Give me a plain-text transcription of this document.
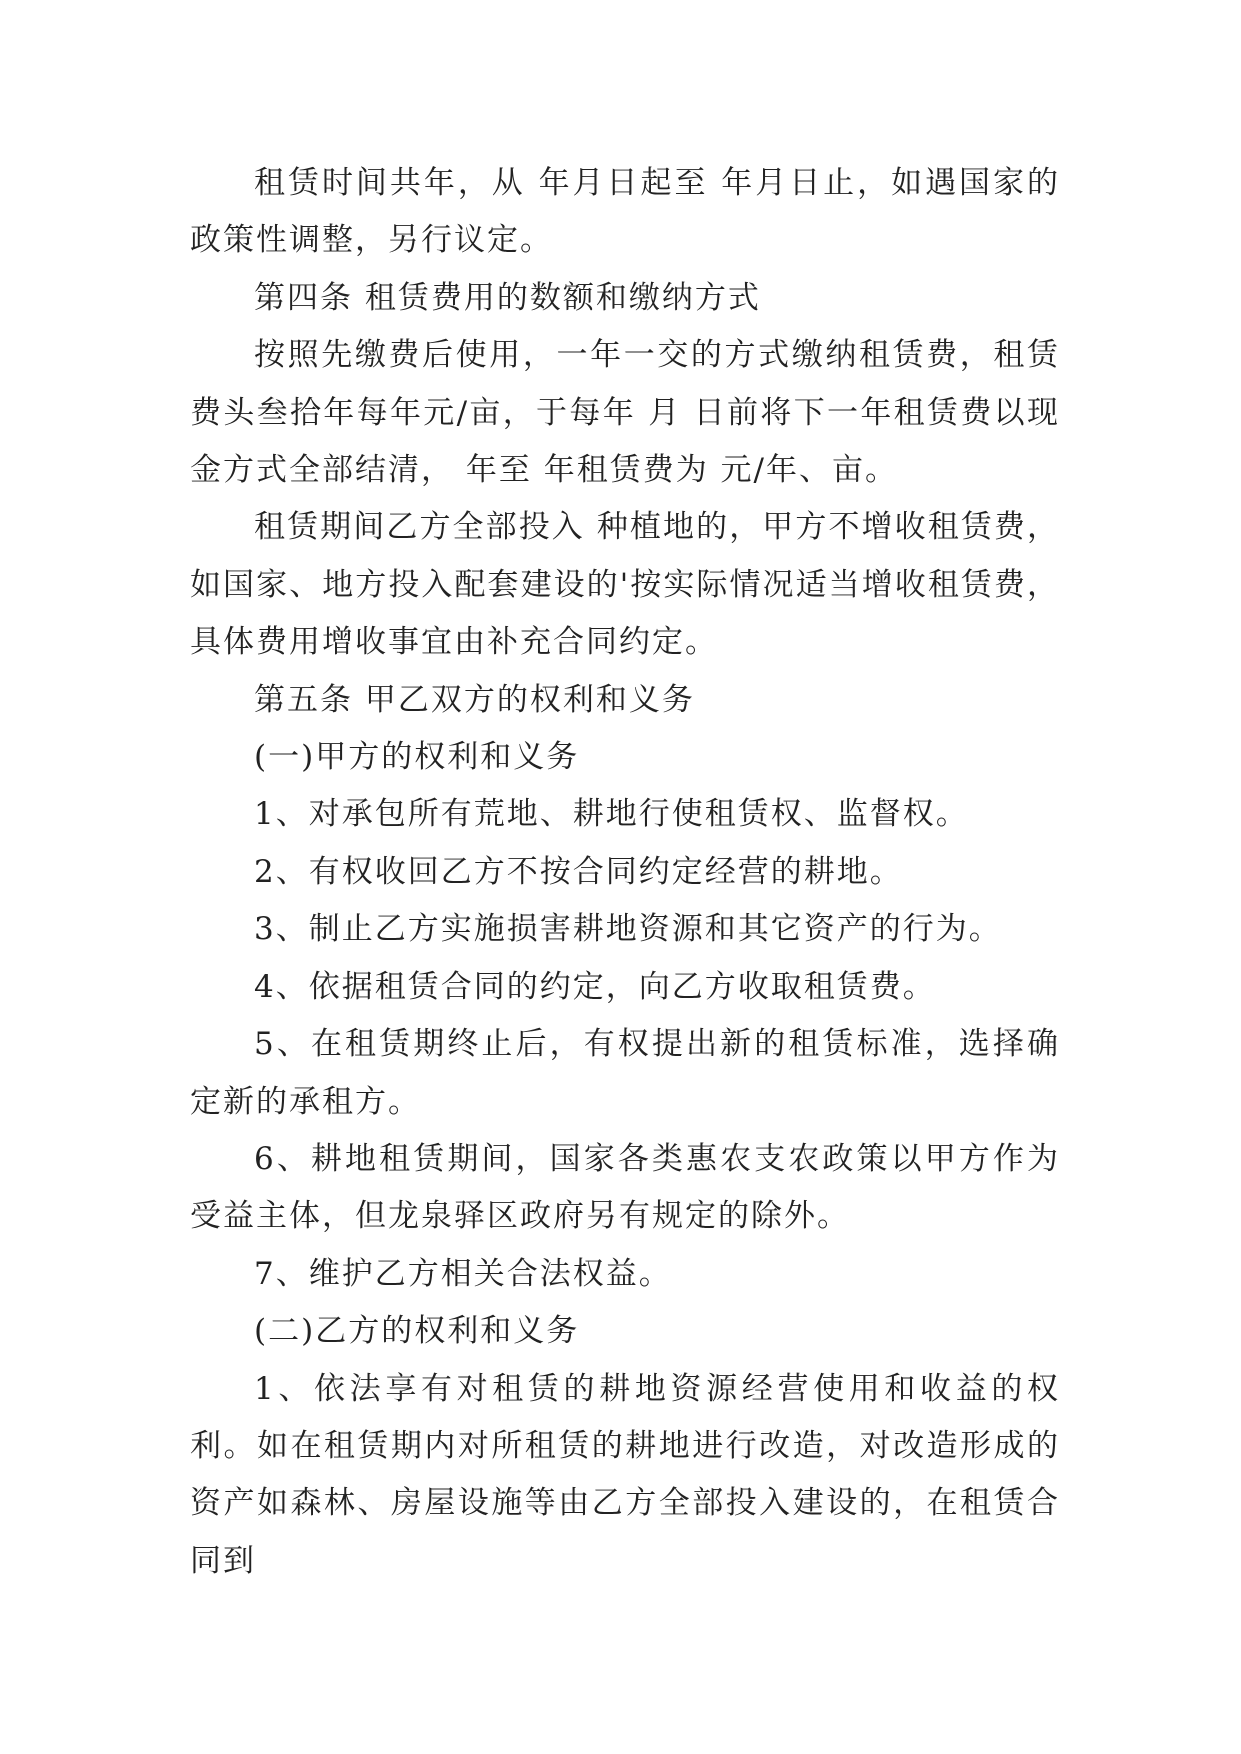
租赁时间共年，从 年月日起至 年月日止，如遇国家的政策性调整，另行议定。

第四条 租赁费用的数额和缴纳方式

按照先缴费后使用，一年一交的方式缴纳租赁费，租赁费头叁拾年每年元/亩，于每年 月 日前将下一年租赁费以现金方式全部结清， 年至 年租赁费为 元/年、亩。

租赁期间乙方全部投入 种植地的，甲方不增收租赁费，如国家、地方投入配套建设的'按实际情况适当增收租赁费，具体费用增收事宜由补充合同约定。

第五条 甲乙双方的权利和义务

(一)甲方的权利和义务

1、对承包所有荒地、耕地行使租赁权、监督权。

2、有权收回乙方不按合同约定经营的耕地。

3、制止乙方实施损害耕地资源和其它资产的行为。

4、依据租赁合同的约定，向乙方收取租赁费。

5、在租赁期终止后，有权提出新的租赁标准，选择确定新的承租方。

6、耕地租赁期间，国家各类惠农支农政策以甲方作为受益主体，但龙泉驿区政府另有规定的除外。

7、维护乙方相关合法权益。

(二)乙方的权利和义务

1、依法享有对租赁的耕地资源经营使用和收益的权利。如在租赁期内对所租赁的耕地进行改造，对改造形成的资产如森林、房屋设施等由乙方全部投入建设的，在租赁合同到
